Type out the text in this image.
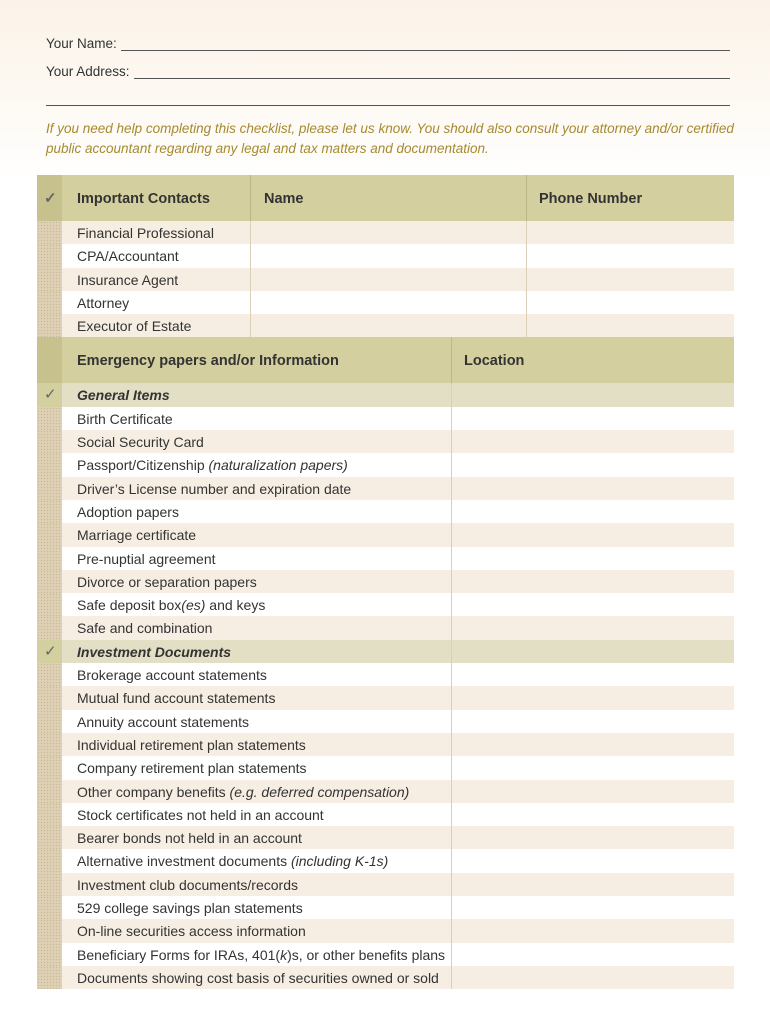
Your Name:
Your Address:
If you need help completing this checklist, please let us know. You should also consult your attorney and/or certified public accountant regarding any legal and tax matters and documentation.
✓ Important Contacts	Name	Phone Number
Financial Professional
CPA/Accountant
Insurance Agent
Attorney
Executor of Estate
Emergency papers and/or Information	Location
✓ General Items
Birth Certificate
Social Security Card
Passport/Citizenship (naturalization papers)
Driver’s License number and expiration date
Adoption papers
Marriage certificate
Pre-nuptial agreement
Divorce or separation papers
Safe deposit box(es) and keys
Safe and combination
✓ Investment Documents
Brokerage account statements
Mutual fund account statements
Annuity account statements
Individual retirement plan statements
Company retirement plan statements
Other company benefits (e.g. deferred compensation)
Stock certificates not held in an account
Bearer bonds not held in an account
Alternative investment documents (including K-1s)
Investment club documents/records
529 college savings plan statements
On-line securities access information
Beneficiary Forms for IRAs, 401(k)s, or other benefits plans
Documents showing cost basis of securities owned or sold
